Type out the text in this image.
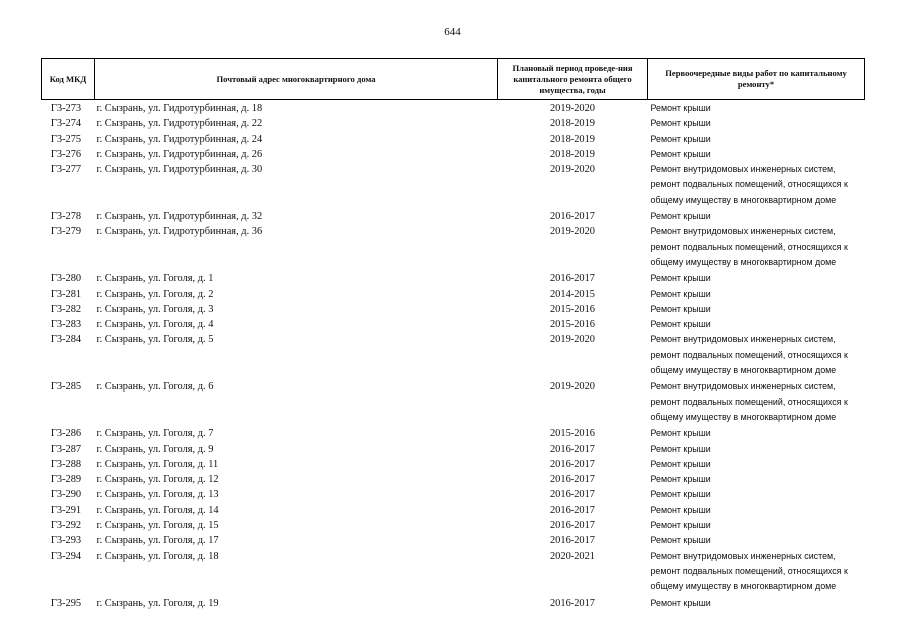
644
Код МКД	Почтовый адрес многоквартирного дома	Плановый период проведе-ния капитального ремонта общего имущества, годы	Первоочередные виды работ по капитальному ремонту*
Г3-273	г. Сызрань, ул. Гидротурбинная, д. 18	2019-2020	Ремонт крыши

Г3-274	г. Сызрань, ул. Гидротурбинная, д. 22	2018-2019	Ремонт крыши

Г3-275	г. Сызрань, ул. Гидротурбинная, д. 24	2018-2019	Ремонт крыши

Г3-276	г. Сызрань, ул. Гидротурбинная, д. 26	2018-2019	Ремонт крыши

Г3-277	г. Сызрань, ул. Гидротурбинная, д. 30	2019-2020	Ремонт внутридомовых инженерных систем,
ремонт подвальных помещений, относящихся к
общему имуществу в многоквартирном доме

Г3-278	г. Сызрань, ул. Гидротурбинная, д. 32	2016-2017	Ремонт крыши

Г3-279	г. Сызрань, ул. Гидротурбинная, д. 36	2019-2020	Ремонт внутридомовых инженерных систем,
ремонт подвальных помещений, относящихся к
общему имуществу в многоквартирном доме

Г3-280	г. Сызрань, ул. Гоголя, д. 1	2016-2017	Ремонт крыши

Г3-281	г. Сызрань, ул. Гоголя, д. 2	2014-2015	Ремонт крыши

Г3-282	г. Сызрань, ул. Гоголя, д. 3	2015-2016	Ремонт крыши

Г3-283	г. Сызрань, ул. Гоголя, д. 4	2015-2016	Ремонт крыши

Г3-284	г. Сызрань, ул. Гоголя, д. 5	2019-2020	Ремонт внутридомовых инженерных систем,
ремонт подвальных помещений, относящихся к
общему имуществу в многоквартирном доме

Г3-285	г. Сызрань, ул. Гоголя, д. 6	2019-2020	Ремонт внутридомовых инженерных систем,
ремонт подвальных помещений, относящихся к
общему имуществу в многоквартирном доме

Г3-286	г. Сызрань, ул. Гоголя, д. 7	2015-2016	Ремонт крыши

Г3-287	г. Сызрань, ул. Гоголя, д. 9	2016-2017	Ремонт крыши

Г3-288	г. Сызрань, ул. Гоголя, д. 11	2016-2017	Ремонт крыши

Г3-289	г. Сызрань, ул. Гоголя, д. 12	2016-2017	Ремонт крыши

Г3-290	г. Сызрань, ул. Гоголя, д. 13	2016-2017	Ремонт крыши

Г3-291	г. Сызрань, ул. Гоголя, д. 14	2016-2017	Ремонт крыши

Г3-292	г. Сызрань, ул. Гоголя, д. 15	2016-2017	Ремонт крыши

Г3-293	г. Сызрань, ул. Гоголя, д. 17	2016-2017	Ремонт крыши

Г3-294	г. Сызрань, ул. Гоголя, д. 18	2020-2021	Ремонт внутридомовых инженерных систем,
ремонт подвальных помещений, относящихся к
общему имуществу в многоквартирном доме

Г3-295	г. Сызрань, ул. Гоголя, д. 19	2016-2017	Ремонт крыши
